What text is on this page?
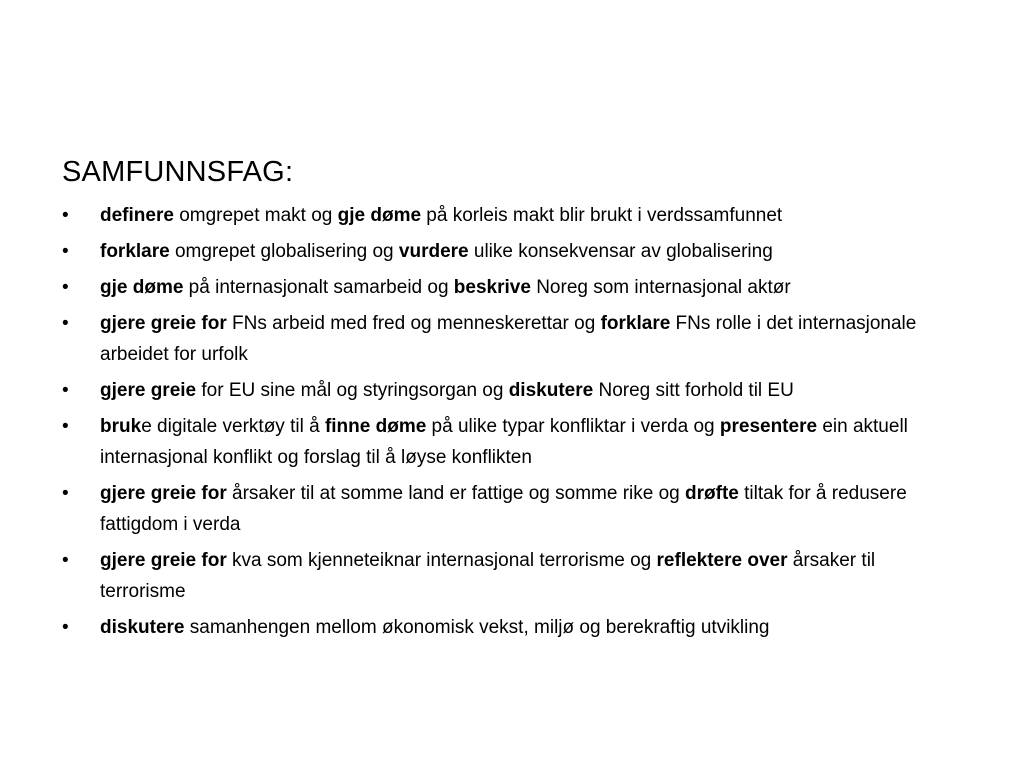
SAMFUNNSFAG:
•	definere omgrepet makt og gje døme på korleis makt blir brukt i verdssamfunnet
•	forklare omgrepet globalisering og vurdere ulike konsekvensar av globalisering
•	gje døme på internasjonalt samarbeid og beskrive Noreg som internasjonal aktør
•	gjere greie for FNs arbeid med fred og menneskerettar og forklare FNs rolle i det internasjonale arbeidet for urfolk
•	gjere greie for EU sine mål og styringsorgan og diskutere Noreg sitt forhold til EU
•	bruke digitale verktøy til å finne døme på ulike typar konfliktar i verda og presentere ein aktuell internasjonal konflikt og forslag til å løyse konflikten
•	gjere greie for årsaker til at somme land er fattige og somme rike og drøfte tiltak for å redusere fattigdom i verda
•	gjere greie for kva som kjenneteiknar internasjonal terrorisme og reflektere over årsaker til terrorisme
•	diskutere samanhengen mellom økonomisk vekst, miljø og berekraftig utvikling
